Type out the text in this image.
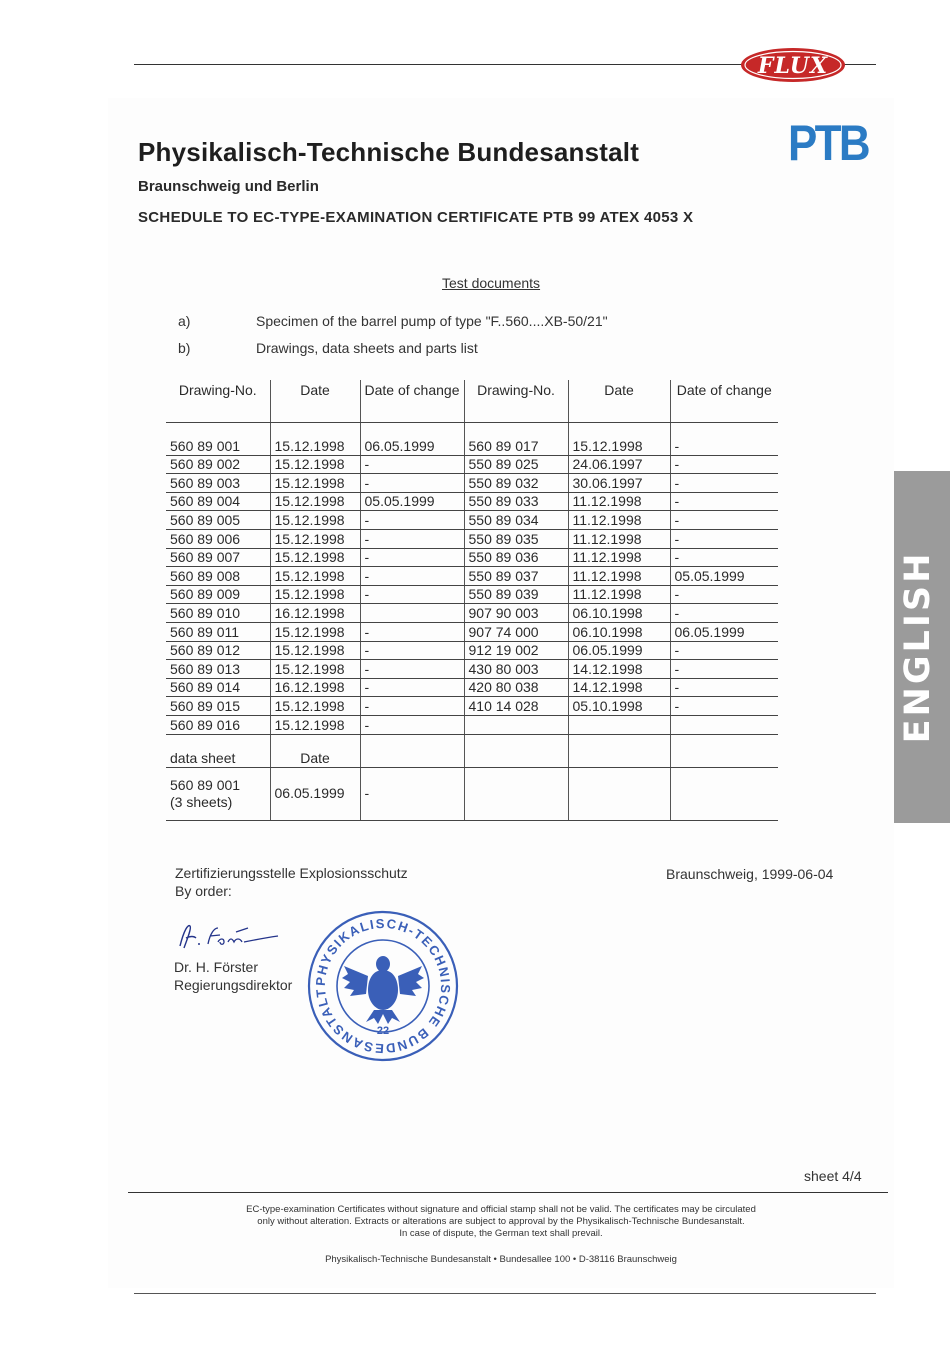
FLUX
ENGLISH
Physikalisch-Technische Bundesanstalt	PTB
Braunschweig und Berlin
SCHEDULE TO EC-TYPE-EXAMINATION CERTIFICATE PTB 99 ATEX 4053 X
Test documents
a)	Specimen of the barrel pump of type "F..560....XB-50/21"
b)	Drawings, data sheets and parts list
Drawing-No.	Date	Date of change	Drawing-No.	Date	Date of change

560 89 001	15.12.1998	06.05.1999	560 89 017	15.12.1998	-
560 89 002	15.12.1998	-	550 89 025	24.06.1997	-
560 89 003	15.12.1998	-	550 89 032	30.06.1997	-
560 89 004	15.12.1998	05.05.1999	550 89 033	11.12.1998	-
560 89 005	15.12.1998	-	550 89 034	11.12.1998	-
560 89 006	15.12.1998	-	550 89 035	11.12.1998	-
560 89 007	15.12.1998	-	550 89 036	11.12.1998	-
560 89 008	15.12.1998	-	550 89 037	11.12.1998	05.05.1999
560 89 009	15.12.1998	-	550 89 039	11.12.1998	-
560 89 010	16.12.1998		907 90 003	06.10.1998	-
560 89 011	15.12.1998	-	907 74 000	06.10.1998	06.05.1999
560 89 012	15.12.1998	-	912 19 002	06.05.1999	-
560 89 013	15.12.1998	-	430 80 003	14.12.1998	-
560 89 014	16.12.1998	-	420 80 038	14.12.1998	-
560 89 015	15.12.1998	-	410 14 028	05.10.1998	-
560 89 016	15.12.1998	-			
data sheet	Date				

560 89 001
(3 sheets)	06.05.1999	-			
Zertifizierungsstelle Explosionsschutz
By order:
Braunschweig, 1999-06-04
Dr. H. Förster
Regierungsdirektor PHYSIKALISCH-TECHNISCHE BUNDESANSTALT
22
sheet 4/4
EC-type-examination Certificates without signature and official stamp shall not be valid. The certificates may be circulated
only without alteration. Extracts or alterations are subject to approval by the Physikalisch-Technische Bundesanstalt.
In case of dispute, the German text shall prevail.
Physikalisch-Technische Bundesanstalt • Bundesallee 100 • D-38116 Braunschweig
